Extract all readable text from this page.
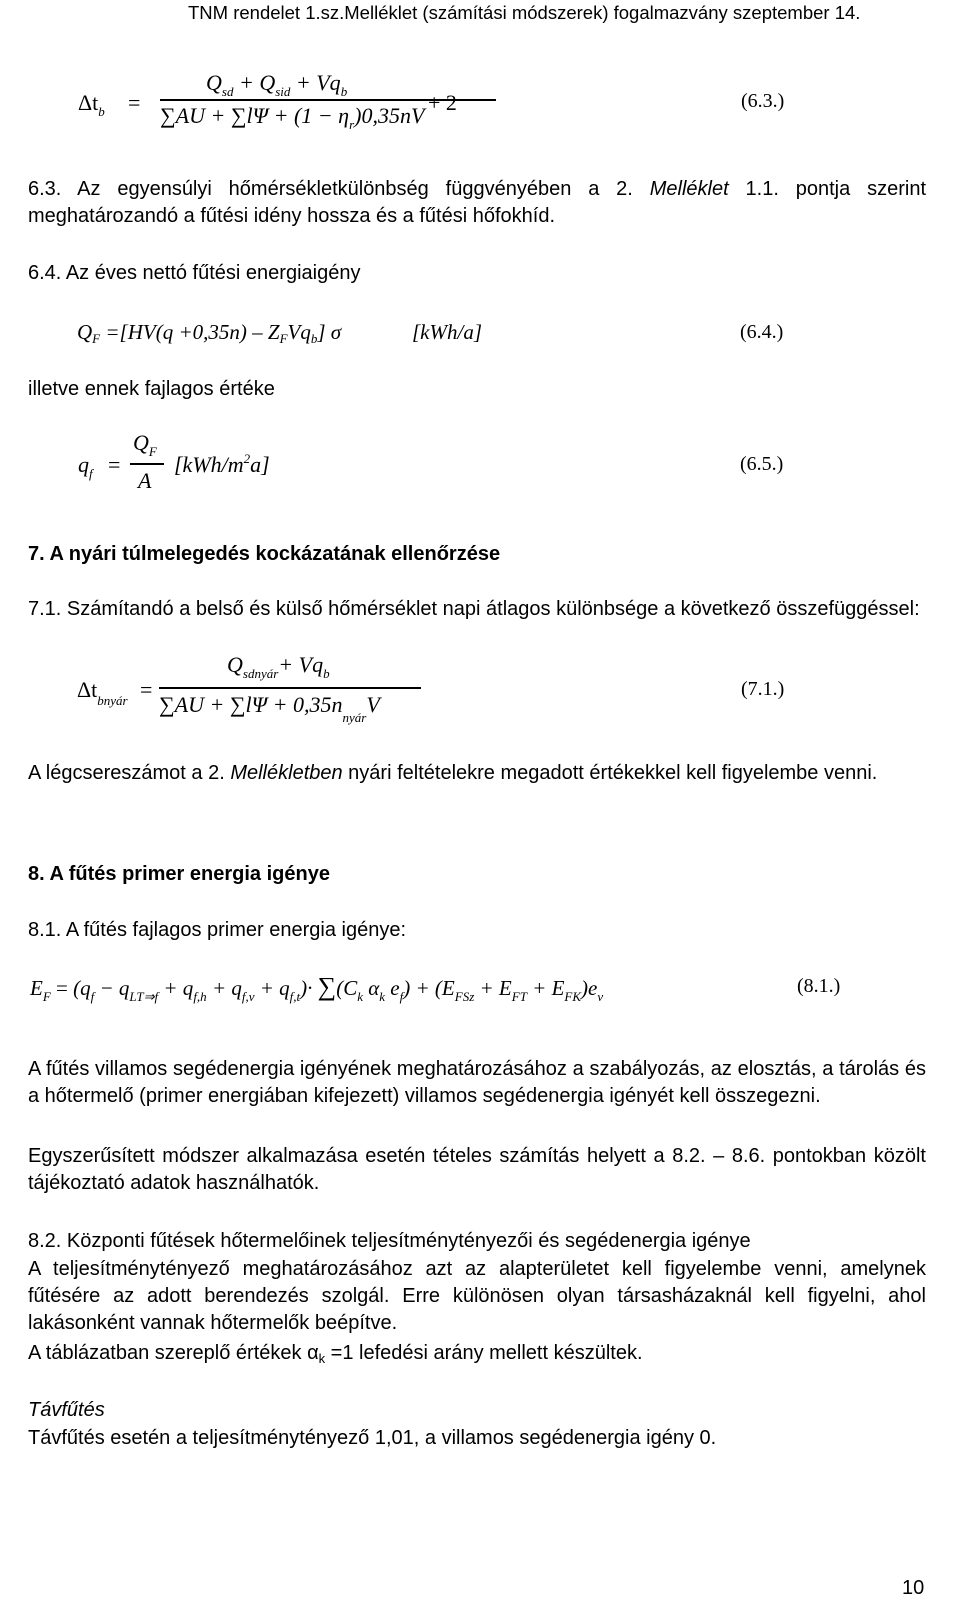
TNM rendelet 1.sz.Melléklet (számítási módszerek) fogalmazvány szeptember 14.
$\Delta t_b$ =
$Q_{sd} + Q_{sid} + Vq_b$
$\sum AU + \sum l\Psi + (1 - \eta_r)0,35nV$
+ 2	(6.3.)
6.3. Az egyensúlyi hőmérsékletkülönbség függvényében a 2. Melléklet 1.1. pontja szerint meghatározandó a fűtési idény hossza és a fűtési hőfokhíd.
6.4. Az éves nettó fűtési energiaigény
QF =[HV(q +0,35n) – ZFVqb] σ	[kWh/a]	(6.4.)
illetve ennek fajlagos értéke
$q_f$ =
$Q_F$
A
$[kWh/m^2a]$	(6.5.)
7. A nyári túlmelegedés kockázatának ellenőrzése
7.1. Számítandó a belső és külső hőmérséklet napi átlagos különbsége a következő összefüggéssel:
$\Delta t_{bnyár}$ =
$Q_{sdnyár}+ Vq_b$
$\sum AU + \sum l\Psi + 0,35n_{nyár}V$
(7.1.)
A légcsereszámot a 2. Mellékletben nyári feltételekre megadott értékekkel kell figyelembe venni.
8. A fűtés primer energia igénye
8.1. A fűtés fajlagos primer energia igénye:
$E_F = (q_f - q_{LT\Rightarrow f} + q_{f,h} + q_{f,v} + q_{f,t})\cdot \sum(C_k$ $\alpha_k$ $e_f) + (E_{FSz} + E_{FT} + E_{FK})e_v$	(8.1.)
A fűtés villamos segédenergia igényének meghatározásához a szabályozás, az elosztás, a tárolás és a hőtermelő (primer energiában kifejezett) villamos segédenergia igényét kell összegezni.
Egyszerűsített módszer alkalmazása esetén tételes számítás helyett a 8.2. – 8.6. pontokban közölt tájékoztató adatok használhatók.
8.2. Központi fűtések hőtermelőinek teljesítménytényezői és segédenergia igénye
A teljesítménytényező meghatározásához azt az alapterületet kell figyelembe venni, amelynek fűtésére az adott berendezés szolgál. Erre különösen olyan társasházaknál kell figyelni, ahol lakásonként vannak hőtermelők beépítve.
A táblázatban szereplő értékek $\alpha_k =1$ lefedési arány mellett készültek.
Távfűtés
Távfűtés esetén a teljesítménytényező 1,01, a villamos segédenergia igény 0.
10
